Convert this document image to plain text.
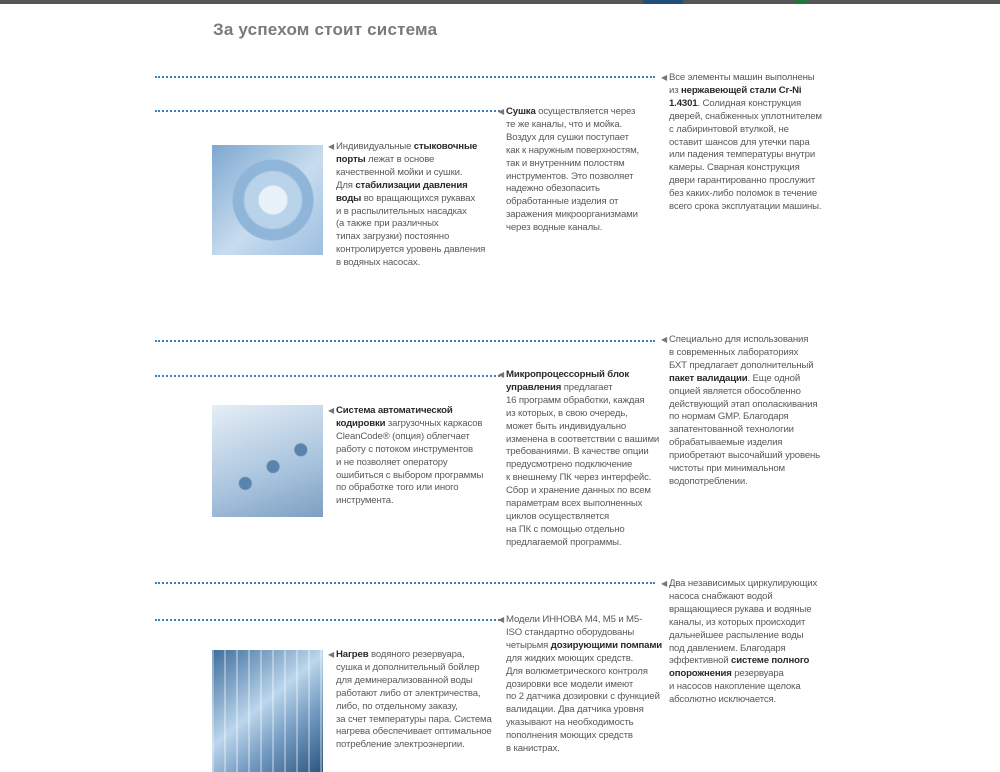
За успехом стоит система
◀ Индивидуальные стыковочные
порты лежат в основе
качественной мойки и сушки.
Для стабилизации давления
воды во вращающихся рукавах
и в распылительных насадках
(а также при различных
типах загрузки) постоянно
контролируется уровень давления
в водяных насосах.
◀ Сушка осуществляется через
те же каналы, что и мойка.
Воздух для сушки поступает
как к наружным поверхностям,
так и внутренним полостям
инструментов. Это позволяет
надежно обезопасить
обработанные изделия от
заражения микроорганизмами
через водные каналы.
◀ Все элементы машин выполнены
из нержавеющей стали Cr-Ni
1.4301. Солидная конструкция
дверей, снабженных уплотнителем
с лабиринтовой втулкой, не
оставит шансов для утечки пара
или падения температуры внутри
камеры. Сварная конструкция
двери гарантированно прослужит
без каких-либо поломок в течение
всего срока эксплуатации машины.
◀ Система автоматической
кодировки загрузочных каркасов
CleanCode® (опция) облегчает
работу с потоком инструментов
и не позволяет оператору
ошибиться с выбором программы
по обработке того или иного
инструмента.
◀ Микропроцессорный блок
управления предлагает
16 программ обработки, каждая
из которых, в свою очередь,
может быть индивидуально
изменена в соответствии с вашими
требованиями. В качестве опции
предусмотрено подключение
к внешнему ПК через интерфейс.
Сбор и хранение данных по всем
параметрам всех выполненных
циклов осуществляется
на ПК с помощью отдельно
предлагаемой программы.
◀ Специально для использования
в современных лабораториях
БХТ предлагает дополнительный
пакет валидации. Еще одной
опцией является обособленно
действующий этап ополаскивания
по нормам GMP. Благодаря
запатентованной технологии
обрабатываемые изделия
приобретают высочайший уровень
чистоты при минимальном
водопотреблении.
◀ Нагрев водяного резервуара,
сушка и дополнительный бойлер
для деминерализованной воды
работают либо от электричества,
либо, по отдельному заказу,
за счет температуры пара. Система
нагрева обеспечивает оптимальное
потребление электроэнергии.
◀ Модели ИННОВА М4, М5 и М5-
ISO стандартно оборудованы
четырьмя дозирующими помпами
для жидких моющих средств.
Для волюметрического контроля
дозировки все модели имеют
по 2 датчика дозировки с функцией
валидации. Два датчика уровня
указывают на необходимость
пополнения моющих средств
в канистрах.
◀ Два независимых циркулирующих
насоса снабжают водой
вращающиеся рукава и водяные
каналы, из которых происходит
дальнейшее распыление воды
под давлением. Благодаря
эффективной системе полного
опорожнения резервуара
и насосов накопление щелока
абсолютно исключается.
